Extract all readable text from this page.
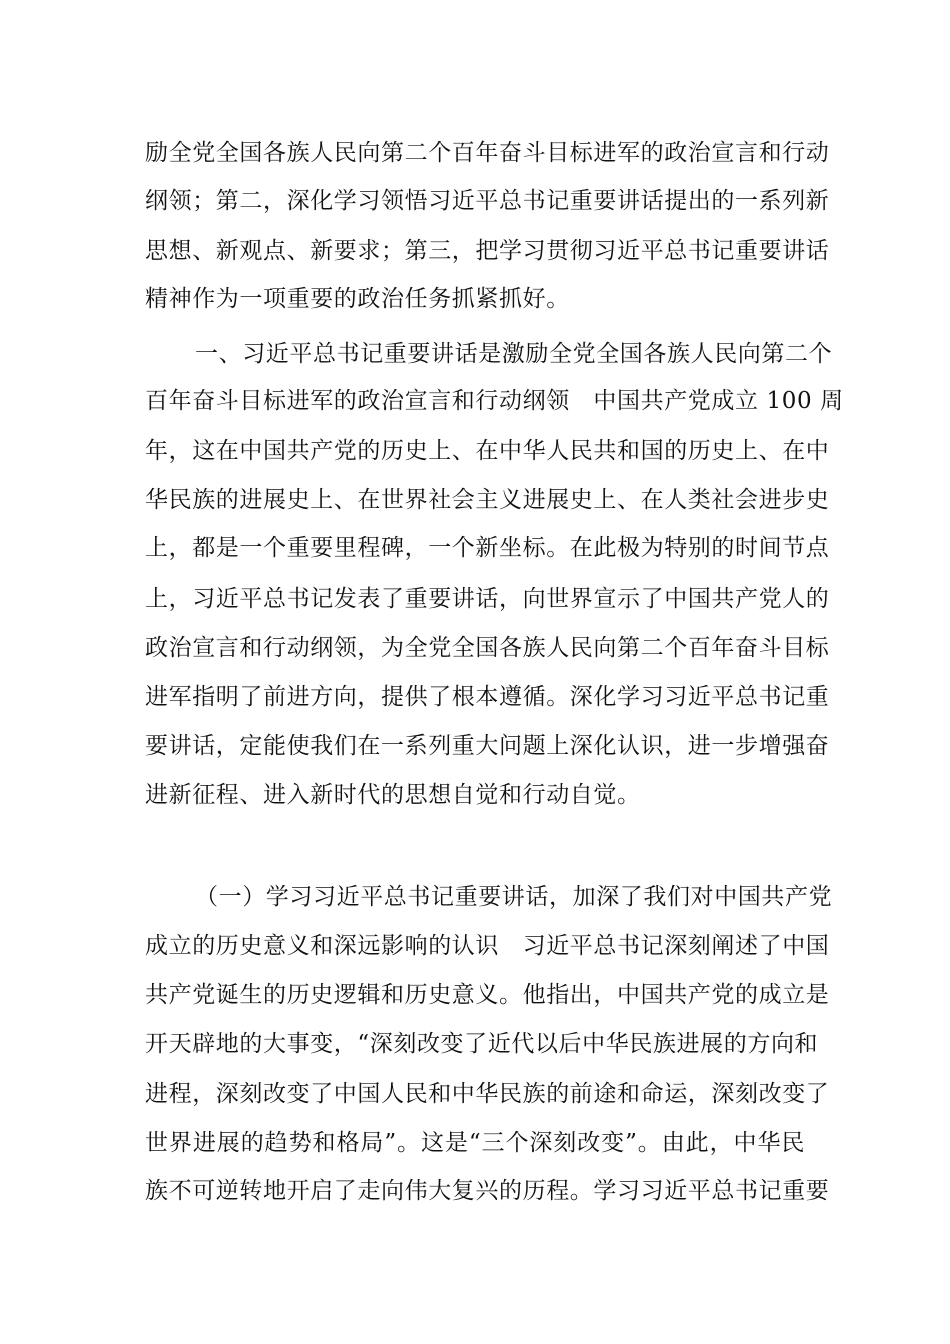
励全党全国各族人民向第二个百年奋斗目标进军的政治宣言和行动

纲领；第二，深化学习领悟习近平总书记重要讲话提出的一系列新

思想、新观点、新要求；第三，把学习贯彻习近平总书记重要讲话

精神作为一项重要的政治任务抓紧抓好。

一、习近平总书记重要讲话是激励全党全国各族人民向第二个

百年奋斗目标进军的政治宣言和行动纲领　中国共产党成立 100 周

年，这在中国共产党的历史上、在中华人民共和国的历史上、在中

华民族的进展史上、在世界社会主义进展史上、在人类社会进步史

上，都是一个重要里程碑，一个新坐标。在此极为特别的时间节点

上，习近平总书记发表了重要讲话，向世界宣示了中国共产党人的

政治宣言和行动纲领，为全党全国各族人民向第二个百年奋斗目标

进军指明了前进方向，提供了根本遵循。深化学习习近平总书记重

要讲话，定能使我们在一系列重大问题上深化认识，进一步增强奋

进新征程、进入新时代的思想自觉和行动自觉。

（一）学习习近平总书记重要讲话，加深了我们对中国共产党

成立的历史意义和深远影响的认识　习近平总书记深刻阐述了中国

共产党诞生的历史逻辑和历史意义。他指出，中国共产党的成立是

开天辟地的大事变，“深刻改变了近代以后中华民族进展的方向和

进程，深刻改变了中国人民和中华民族的前途和命运，深刻改变了

世界进展的趋势和格局”。这是“三个深刻改变”。由此，中华民

族不可逆转地开启了走向伟大复兴的历程。学习习近平总书记重要
